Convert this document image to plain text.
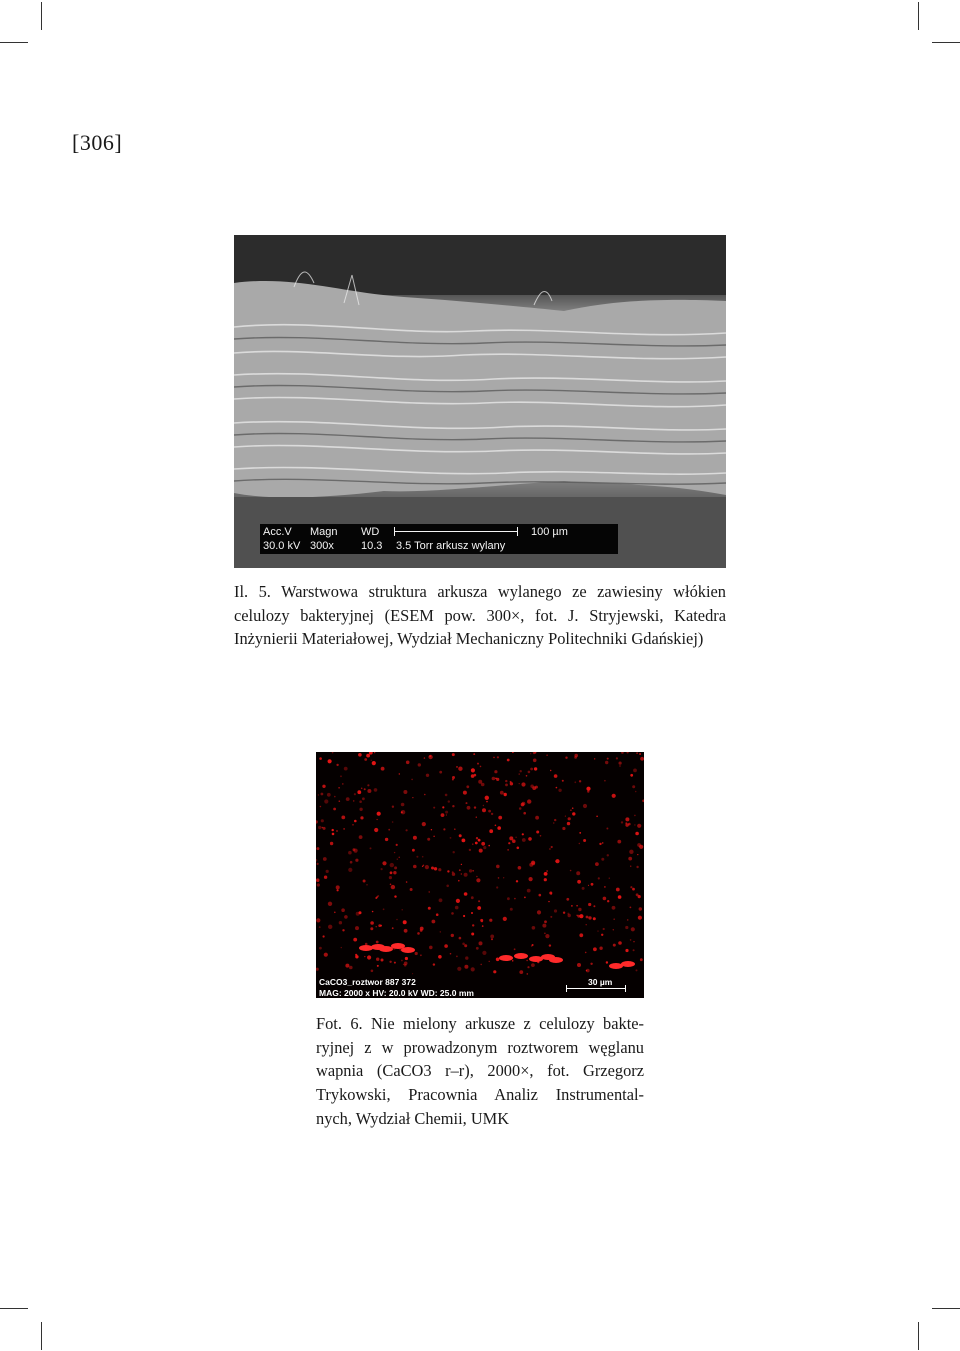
[306]
Acc.V Magn WD	100 µm
30.0 kV 300x 10.3 3.5 Torr arkusz wylany
Il. 5. Warstwowa struktura arkusza wylanego ze zawiesiny włókien
celulozy bakteryjnej (ESEM pow. 300×, fot. J. Stryjewski, Katedra
Inżynierii Materiałowej, Wydział Mechaniczny Politechniki Gdańskiej)
CaCO3_roztwor 887 372
MAG: 2000 x HV: 20.0 kV WD: 25.0 mm
30 µm
Fot. 6. Nie mielony arkusze z celulozy bakte-
ryjnej z w prowadzonym roztworem węglanu
wapnia (CaCO3 r–r), 2000×, fot. Grzegorz
Trykowski, Pracownia Analiz Instrumental-
nych, Wydział Chemii, UMK
